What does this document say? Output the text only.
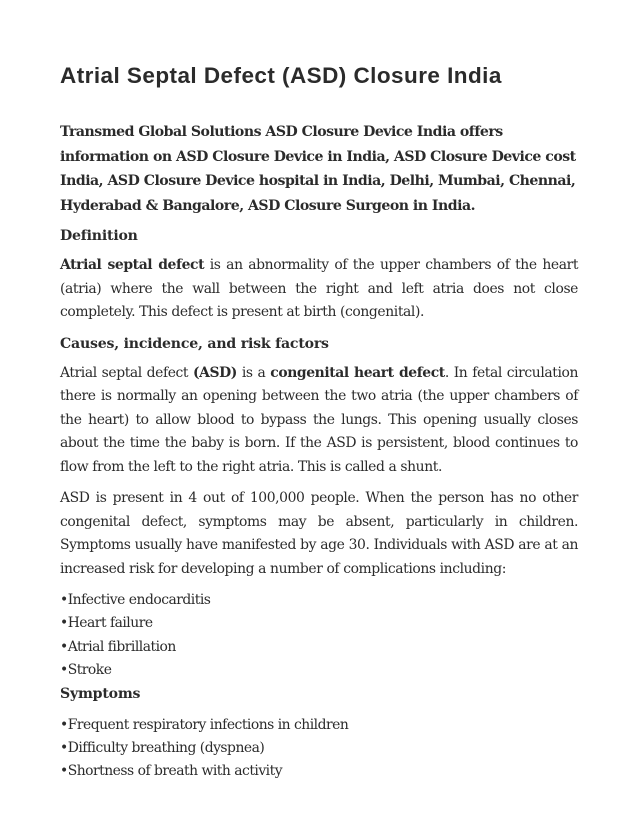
Atrial Septal Defect (ASD) Closure India

Transmed Global Solutions ASD Closure Device India offers information on ASD Closure Device in India, ASD Closure Device cost India, ASD Closure Device hospital in India, Delhi, Mumbai, Chennai, Hyderabad & Bangalore, ASD Closure Surgeon in India.

Definition

Atrial septal defect is an abnormality of the upper chambers of the heart (atria) where the wall between the right and left atria does not close completely. This defect is present at birth (congenital).

Causes, incidence, and risk factors

Atrial septal defect (ASD) is a congenital heart defect. In fetal circulation there is normally an opening between the two atria (the upper chambers of the heart) to allow blood to bypass the lungs. This opening usually closes about the time the baby is born. If the ASD is persistent, blood continues to flow from the left to the right atria. This is called a shunt.

ASD is present in 4 out of 100,000 people. When the person has no other congenital defect, symptoms may be absent, particularly in children. Symptoms usually have manifested by age 30. Individuals with ASD are at an increased risk for developing a number of complications including:

•Infective endocarditis
•Heart failure
•Atrial fibrillation
•Stroke
Symptoms
•Frequent respiratory infections in children
•Difficulty breathing (dyspnea)
•Shortness of breath with activity
